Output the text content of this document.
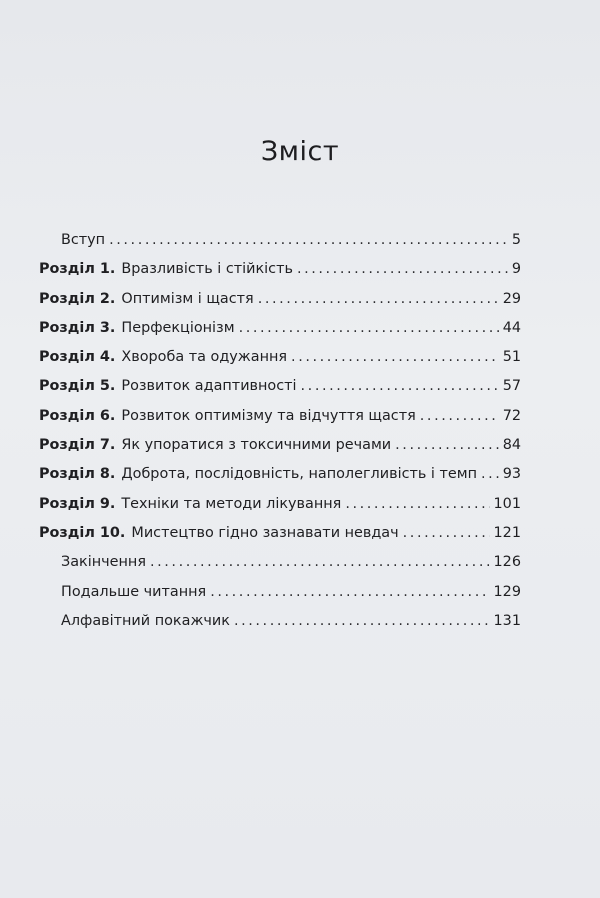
Зміст
Вступ . . .	5
Розділ 1. Вразливість і стійкість . . .	9
Розділ 2. Оптимізм і щастя . . .	29
Розділ 3. Перфекціонізм . . .	44
Розділ 4. Хвороба та одужання . . .	51
Розділ 5. Розвиток адаптивності . . .	57
Розділ 6. Розвиток оптимізму та відчуття щастя . . .	72
Розділ 7. Як упоратися з токсичними речами . . .	84
Розділ 8. Доброта, послідовність, наполегливість і темп . . . 93
Розділ 9. Техніки та методи лікування . . .	101
Розділ 10. Мистецтво гідно зазнавати невдач . . .	121
Закінчення . . .	126
Подальше читання . . .	129
Алфавітний покажчик . . .	131
